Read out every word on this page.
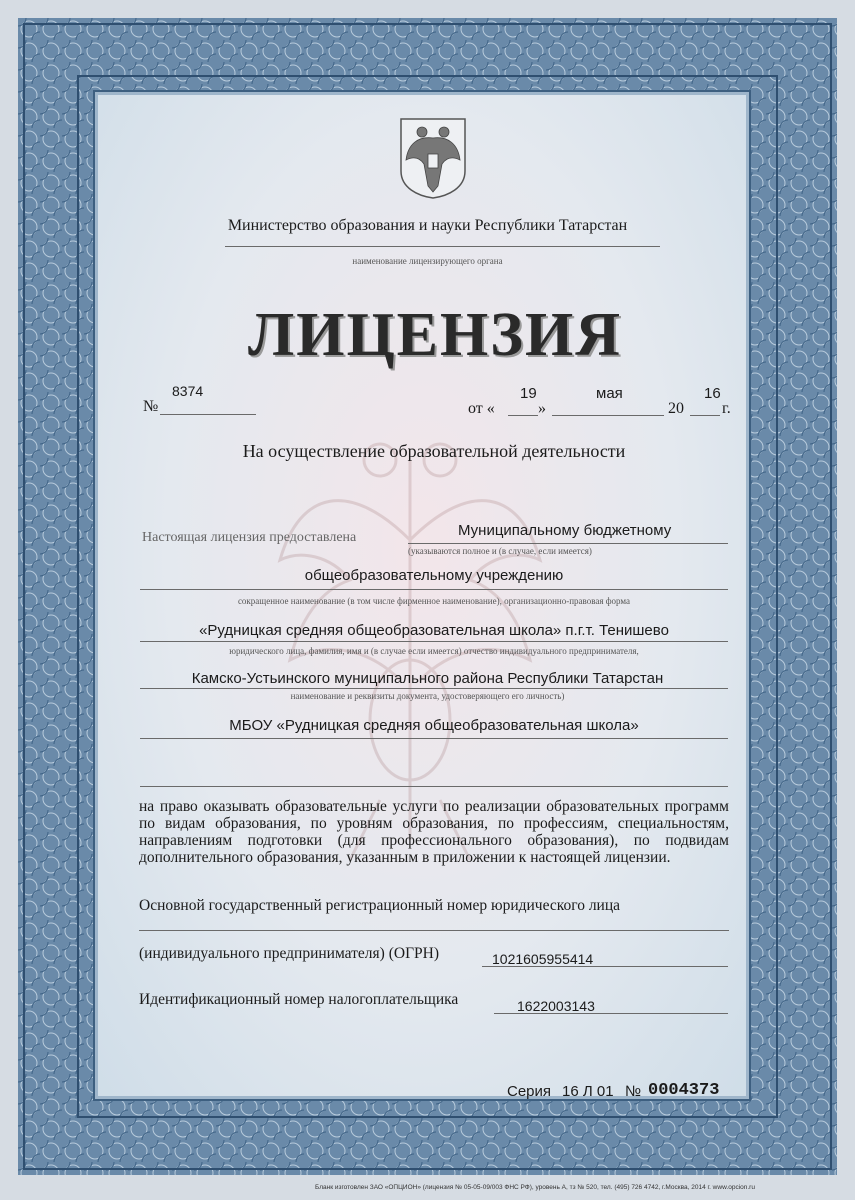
Министерство образования и науки Республики Татарстан
наименование лицензирующего органа
ЛИЦЕНЗИЯ
№
8374
от «
19
»
мая
20
16
г.
На осуществление образовательной деятельности
Настоящая лицензия предоставлена	Муниципальному бюджетному
(указываются полное и (в случае, если имеется)
общеобразовательному учреждению
сокращенное наименование (в том числе фирменное наименование), организационно-правовая форма
«Рудницкая средняя общеобразовательная школа» п.г.т. Тенишево
юридического лица, фамилия, имя и (в случае если имеется) отчество индивидуального предпринимателя,
Камско-Устьинского муниципального района Республики Татарстан
наименование и реквизиты документа, удостоверяющего его личность)
МБОУ «Рудницкая средняя общеобразовательная школа»
на право оказывать образовательные услуги по реализации образовательных программ по видам образования, по уровням образования, по профессиям, специальностям, направлениям подготовки (для профессионального образования), по подвидам дополнительного образования, указанным в приложении к настоящей лицензии.
Основной государственный регистрационный номер юридического лица
(индивидуального предпринимателя) (ОГРН)	1021605955414
Идентификационный номер налогоплательщика	1622003143
Серия 16 Л 01 № 0004373
Бланк изготовлен ЗАО «ОПЦИОН» (лицензия № 05-05-09/003 ФНС РФ), уровень А, тз № 520, тел. (495) 726 4742, г.Москва, 2014 г. www.opcion.ru
